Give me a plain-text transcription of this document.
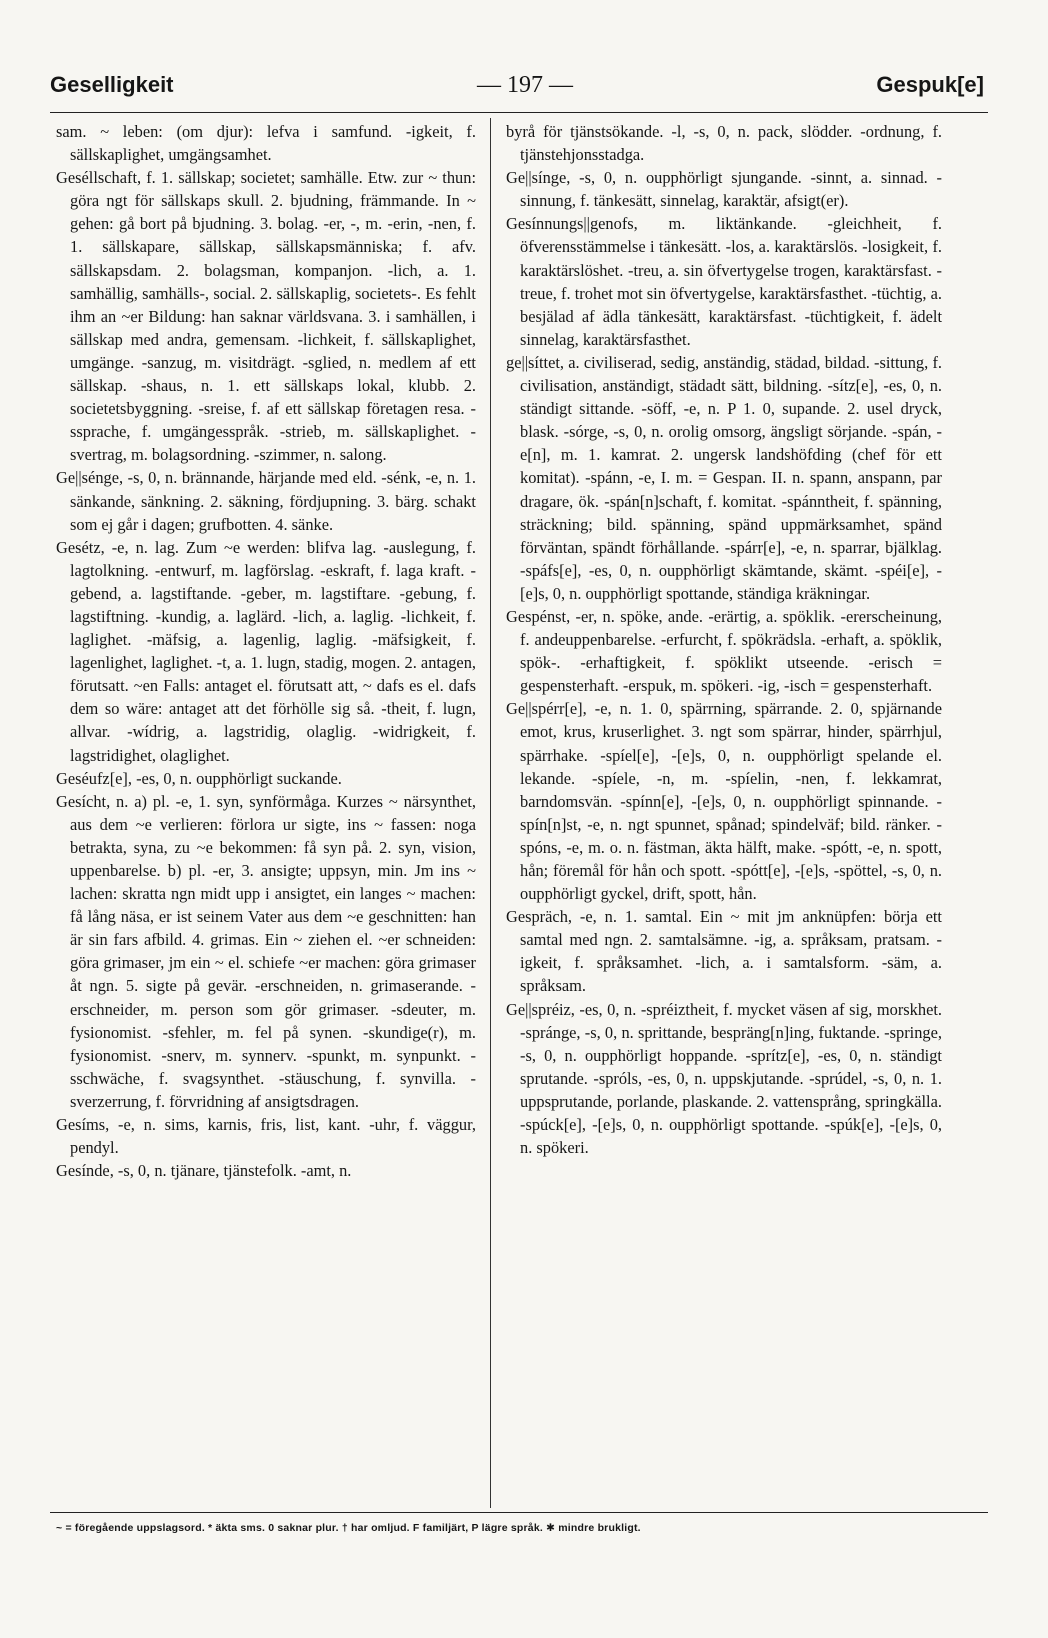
Geselligkeit	— 197 —	Gespuk[e]

sam. ~ leben: (om djur): lefva i samfund. -igkeit, f. sällskaplighet, umgängsamhet.

Geséllschaft, f. 1. sällskap; societet; samhälle. Etw. zur ~ thun: göra ngt för sällskaps skull. 2. bjudning, främmande. In ~ gehen: gå bort på bjudning. 3. bolag. -er, -, m. -erin, -nen, f. 1. sällskapare, sällskap, sällskapsmänniska; f. afv. sällskapsdam. 2. bolagsman, kompanjon. -lich, a. 1. samhällig, samhälls-, social. 2. sällskaplig, societets-. Es fehlt ihm an ~er Bildung: han saknar världsvana. 3. i samhällen, i sällskap med andra, gemensam. -lichkeit, f. sällskaplighet, umgänge. -sanzug, m. visitdrägt. -sglied, n. medlem af ett sällskap. -shaus, n. 1. ett sällskaps lokal, klubb. 2. societetsbyggning. -sreise, f. af ett sällskap företagen resa. -ssprache, f. umgängesspråk. -strieb, m. sällskaplighet. -svertrag, m. bolagsordning. -szimmer, n. salong.

Ge||sénge, -s, 0, n. brännande, härjande med eld. -sénk, -e, n. 1. sänkande, sänkning. 2. säkning, fördjupning. 3. bärg. schakt som ej går i dagen; grufbotten. 4. sänke.

Gesétz, -e, n. lag. Zum ~e werden: blifva lag. -auslegung, f. lagtolkning. -entwurf, m. lagförslag. -eskraft, f. laga kraft. -gebend, a. lagstiftande. -geber, m. lagstiftare. -gebung, f. lagstiftning. -kundig, a. laglärd. -lich, a. laglig. -lichkeit, f. laglighet. -mäfsig, a. lagenlig, laglig. -mäfsigkeit, f. lagenlighet, laglighet. -t, a. 1. lugn, stadig, mogen. 2. antagen, förutsatt. ~en Falls: antaget el. förutsatt att, ~ dafs es el. dafs dem so wäre: antaget att det förhölle sig så. -theit, f. lugn, allvar. -wídrig, a. lagstridig, olaglig. -widrigkeit, f. lagstridighet, olaglighet.

Geséufz[e], -es, 0, n. oupphörligt suckande.

Gesícht, n. a) pl. -e, 1. syn, synförmåga. Kurzes ~ närsynthet, aus dem ~e verlieren: förlora ur sigte, ins ~ fassen: noga betrakta, syna, zu ~e bekommen: få syn på. 2. syn, vision, uppenbarelse. b) pl. -er, 3. ansigte; uppsyn, min. Jm ins ~ lachen: skratta ngn midt upp i ansigtet, ein langes ~ machen: få lång näsa, er ist seinem Vater aus dem ~e geschnitten: han är sin fars afbild. 4. grimas. Ein ~ ziehen el. ~er schneiden: göra grimaser, jm ein ~ el. schiefe ~er machen: göra grimaser åt ngn. 5. sigte på gevär. -erschneiden, n. grimaserande. -erschneider, m. person som gör grimaser. -sdeuter, m. fysionomist. -sfehler, m. fel på synen. -skundige(r), m. fysionomist. -snerv, m. synnerv. -spunkt, m. synpunkt. -sschwäche, f. svagsynthet. -stäuschung, f. synvilla. -sverzerrung, f. förvridning af ansigtsdragen.

Gesíms, -e, n. sims, karnis, fris, list, kant. -uhr, f. väggur, pendyl.

Gesínde, -s, 0, n. tjänare, tjänstefolk. -amt, n.

byrå för tjänstsökande. -l, -s, 0, n. pack, slödder. -ordnung, f. tjänstehjonsstadga.

Ge||sínge, -s, 0, n. oupphörligt sjungande. -sinnt, a. sinnad. -sinnung, f. tänkesätt, sinnelag, karaktär, afsigt(er).

Gesínnungs||genofs, m. liktänkande. -gleichheit, f. öfverensstämmelse i tänkesätt. -los, a. karaktärslös. -losigkeit, f. karaktärslöshet. -treu, a. sin öfvertygelse trogen, karaktärsfast. -treue, f. trohet mot sin öfvertygelse, karaktärsfasthet. -tüchtig, a. besjälad af ädla tänkesätt, karaktärsfast. -tüchtigkeit, f. ädelt sinnelag, karaktärsfasthet.

ge||síttet, a. civiliserad, sedig, anständig, städad, bildad. -sittung, f. civilisation, anständigt, städadt sätt, bildning. -sítz[e], -es, 0, n. ständigt sittande. -söff, -e, n. P 1. 0, supande. 2. usel dryck, blask. -sórge, -s, 0, n. orolig omsorg, ängsligt sörjande. -spán, -e[n], m. 1. kamrat. 2. ungersk landshöfding (chef för ett komitat). -spánn, -e, I. m. = Gespan. II. n. spann, anspann, par dragare, ök. -spán[n]schaft, f. komitat. -spánntheit, f. spänning, sträckning; bild. spänning, spänd uppmärksamhet, spänd förväntan, spändt förhållande. -spárr[e], -e, n. sparrar, bjälklag. -spáfs[e], -es, 0, n. oupphörligt skämtande, skämt. -spéi[e], -[e]s, 0, n. oupphörligt spottande, ständiga kräkningar.

Gespénst, -er, n. spöke, ande. -erärtig, a. spöklik. -ererscheinung, f. andeuppenbarelse. -erfurcht, f. spökrädsla. -erhaft, a. spöklik, spök-. -erhaftigkeit, f. spöklikt utseende. -erisch = gespensterhaft. -erspuk, m. spökeri. -ig, -isch = gespensterhaft.

Ge||spérr[e], -e, n. 1. 0, spärrning, spärrande. 2. 0, spjärnande emot, krus, kruserlighet. 3. ngt som spärrar, hinder, spärrhjul, spärrhake. -spíel[e], -[e]s, 0, n. oupphörligt spelande el. lekande. -spíele, -n, m. -spíelin, -nen, f. lekkamrat, barndomsvän. -spínn[e], -[e]s, 0, n. oupphörligt spinnande. -spín[n]st, -e, n. ngt spunnet, spånad; spindelväf; bild. ränker. -spóns, -e, m. o. n. fästman, äkta hälft, make. -spótt, -e, n. spott, hån; föremål för hån och spott. -spótt[e], -[e]s, -spöttel, -s, 0, n. oupphörligt gyckel, drift, spott, hån.

Gespräch, -e, n. 1. samtal. Ein ~ mit jm anknüpfen: börja ett samtal med ngn. 2. samtalsämne. -ig, a. språksam, pratsam. -igkeit, f. språksamhet. -lich, a. i samtalsform. -säm, a. språksam.

Ge||spréiz, -es, 0, n. -spréiztheit, f. mycket väsen af sig, morskhet. -spránge, -s, 0, n. sprittande, bespräng[n]ing, fuktande. -springe, -s, 0, n. oupphörligt hoppande. -sprítz[e], -es, 0, n. ständigt sprutande. -spróls, -es, 0, n. uppskjutande. -sprúdel, -s, 0, n. 1. uppsprutande, porlande, plaskande. 2. vattensprång, springkälla. -spúck[e], -[e]s, 0, n. oupphörligt spottande. -spúk[e], -[e]s, 0, n. spökeri.

~ = föregående uppslagsord. * äkta sms. 0 saknar plur. † har omljud. F familjärt, P lägre språk. ✱ mindre brukligt.
